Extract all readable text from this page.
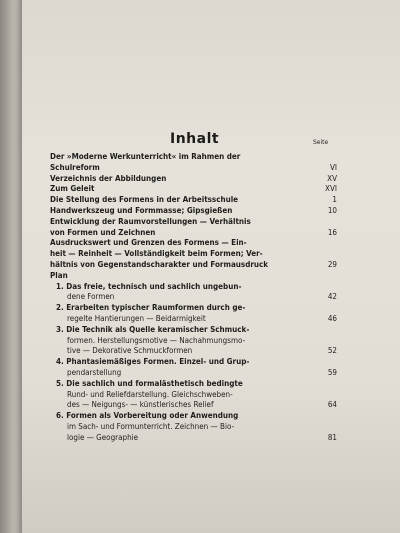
Inhalt	Seite
Der »Moderne Werkunterricht« im Rahmen der
Schulreform	VI
Verzeichnis der Abbildungen	XV
Zum Geleit	XVI
Die Stellung des Formens in der Arbeitsschule	1
Handwerkszeug und Formmasse; Gipsgießen	10
Entwicklung der Raumvorstellungen — Verhältnis
von Formen und Zeichnen	16
Ausdruckswert und Grenzen des Formens — Ein-
heit — Reinheit — Vollständigkeit beim Formen; Ver-
hältnis von Gegenstandscharakter und Formausdruck	29
Plan
1. Das freie, technisch und sachlich ungebun-
dene Formen	42
2. Erarbeiten typischer Raumformen durch ge-
regelte Hantierungen — Beidarmigkeit	46
3. Die Technik als Quelle keramischer Schmuck-
formen. Herstellungsmotive — Nachahmungsmo-
tive — Dekorative Schmuckformen	52
4. Phantasiemäßiges Formen. Einzel- und Grup-
pendarstellung	59
5. Die sachlich und formalästhetisch bedingte
Rund- und Reliefdarstellung. Gleichschweben-
des — Neigungs- — künstlerisches Relief	64
6. Formen als Vorbereitung oder Anwendung
im Sach- und Formunterricht. Zeichnen — Bio-
logie — Geographie	81
